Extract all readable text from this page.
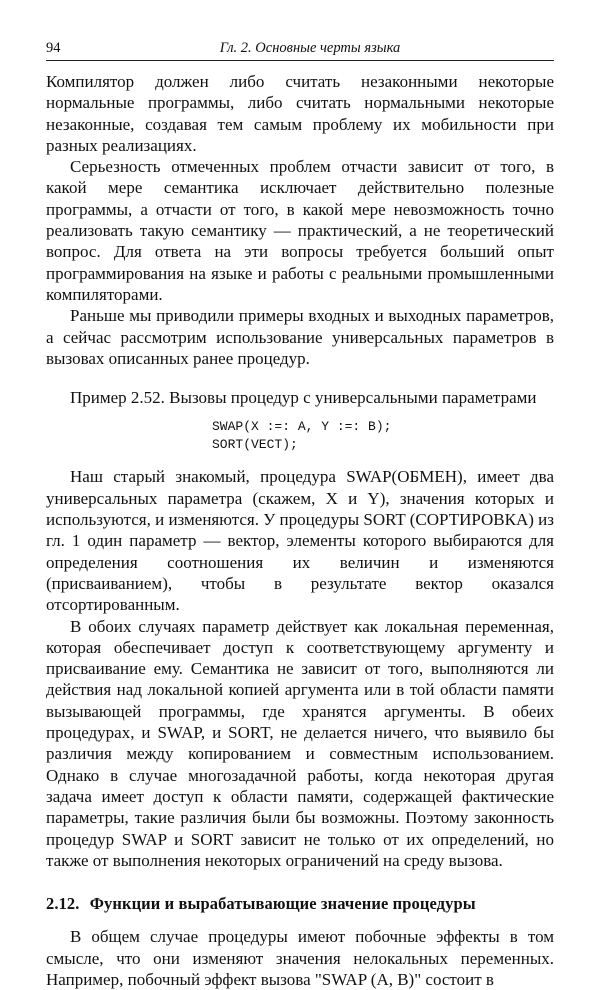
94	Гл. 2. Основные черты языка

Компилятор должен либо считать незаконными некоторые нормальные программы, либо считать нормальными некоторые незаконные, создавая тем самым проблему их мобильности при разных реализациях.

Серьезность отмеченных проблем отчасти зависит от того, в какой мере семантика исключает действительно полезные программы, а отчасти от того, в какой мере невозможность точно реализовать такую семантику — практический, а не теоретический вопрос. Для ответа на эти вопросы требуется больший опыт программирования на языке и работы с реальными промышленными компиляторами.

Раньше мы приводили примеры входных и выходных параметров, а сейчас рассмотрим использование универсальных параметров в вызовах описанных ранее процедур.

Пример 2.52. Вызовы процедур с универсальными параметрами

SWAP(X :=: A, Y :=: B);
SORT(VECT);

Наш старый знакомый, процедура SWAP(ОБМЕН), имеет два универсальных параметра (скажем, X и Y), значения которых и используются, и изменяются. У процедуры SORT (СОРТИРОВКА) из гл. 1 один параметр — вектор, элементы которого выбираются для определения соотношения их величин и изменяются (присваиванием), чтобы в результате вектор оказался отсортированным.

В обоих случаях параметр действует как локальная переменная, которая обеспечивает доступ к соответствующему аргументу и присваивание ему. Семантика не зависит от того, выполняются ли действия над локальной копией аргумента или в той области памяти вызывающей программы, где хранятся аргументы. В обеих процедурах, и SWAP, и SORT, не делается ничего, что выявило бы различия между копированием и совместным использованием. Однако в случае многозадачной работы, когда некоторая другая задача имеет доступ к области памяти, содержащей фактические параметры, такие различия были бы возможны. Поэтому законность процедур SWAP и SORT зависит не только от их определений, но также от выполнения некоторых ограничений на среду вызова.

2.12. Функции и вырабатывающие значение процедуры

В общем случае процедуры имеют побочные эффекты в том смысле, что они изменяют значения нелокальных переменных. Например, побочный эффект вызова "SWAP (A, B)" состоит в
